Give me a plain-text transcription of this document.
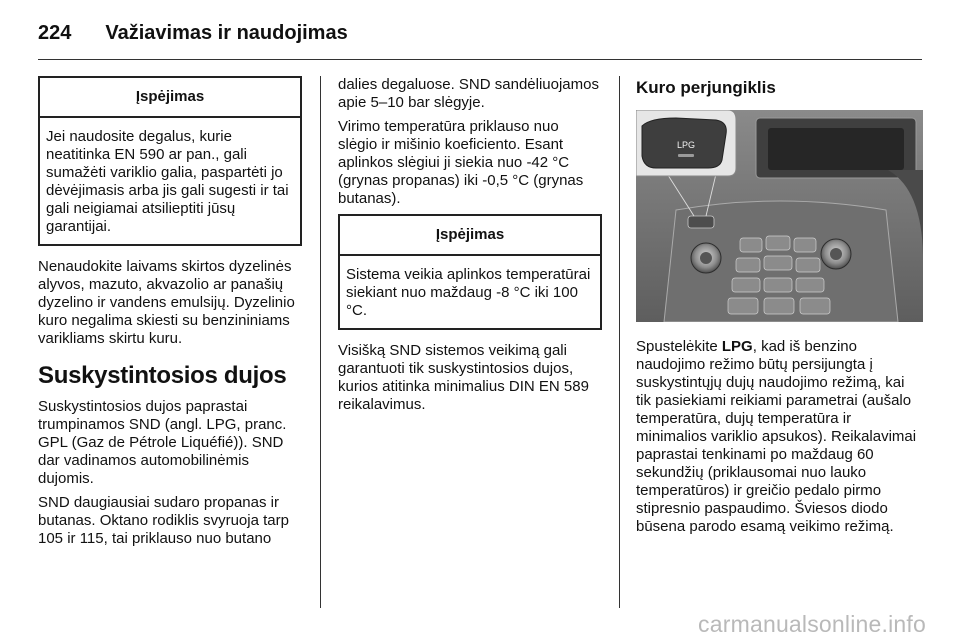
224 Važiavimas ir naudojimas
Įspėjimas
Jei naudosite degalus, kurie neatitinka EN 590 ar pan., gali sumažėti variklio galia, paspartėti jo dėvėjimasis arba jis gali sugesti ir tai gali neigiamai atsilieptiti jūsų garantijai.

Nenaudokite laivams skirtos dyzelinės alyvos, mazuto, akvazolio ar panašių dyzelino ir vandens emulsijų. Dyzelinio kuro negalima skiesti su benzininiams varikliams skirtu kuru.

Suskystintosios dujos

Suskystintosios dujos paprastai trumpinamos SND (angl. LPG, pranc. GPL (Gaz de Pétrole Liquéfié)). SND dar vadinamos automobilinėmis dujomis.

SND daugiausiai sudaro propanas ir butanas. Oktano rodiklis svyruoja tarp 105 ir 115, tai priklauso nuo butano

dalies degaluose. SND sandėliuojamos apie 5–10 bar slėgyje.

Virimo temperatūra priklauso nuo slėgio ir mišinio koeficiento. Esant aplinkos slėgiui ji siekia nuo -42 °C (grynas propanas) iki -0,5 °C (grynas butanas).

Įspėjimas
Sistema veikia aplinkos temperatūrai siekiant nuo maždaug -8 °C iki 100 °C.

Visišką SND sistemos veikimą gali garantuoti tik suskystintosios dujos, kurios atitinka minimalius DIN EN 589 reikalavimus.

Kuro perjungiklis
LPG

Spustelėkite LPG, kad iš benzino naudojimo režimo būtų persijungta į suskystintųjų dujų naudojimo režimą, kai tik pasiekiami reikiami parametrai (aušalo temperatūra, dujų temperatūra ir minimalios variklio apsukos). Reikalavimai paprastai tenkinami po maždaug 60 sekundžių (priklausomai nuo lauko temperatūros) ir greičio pedalo pirmo stipresnio paspaudimo. Šviesos diodo būsena parodo esamą veikimo režimą.

carmanualsonline.info
